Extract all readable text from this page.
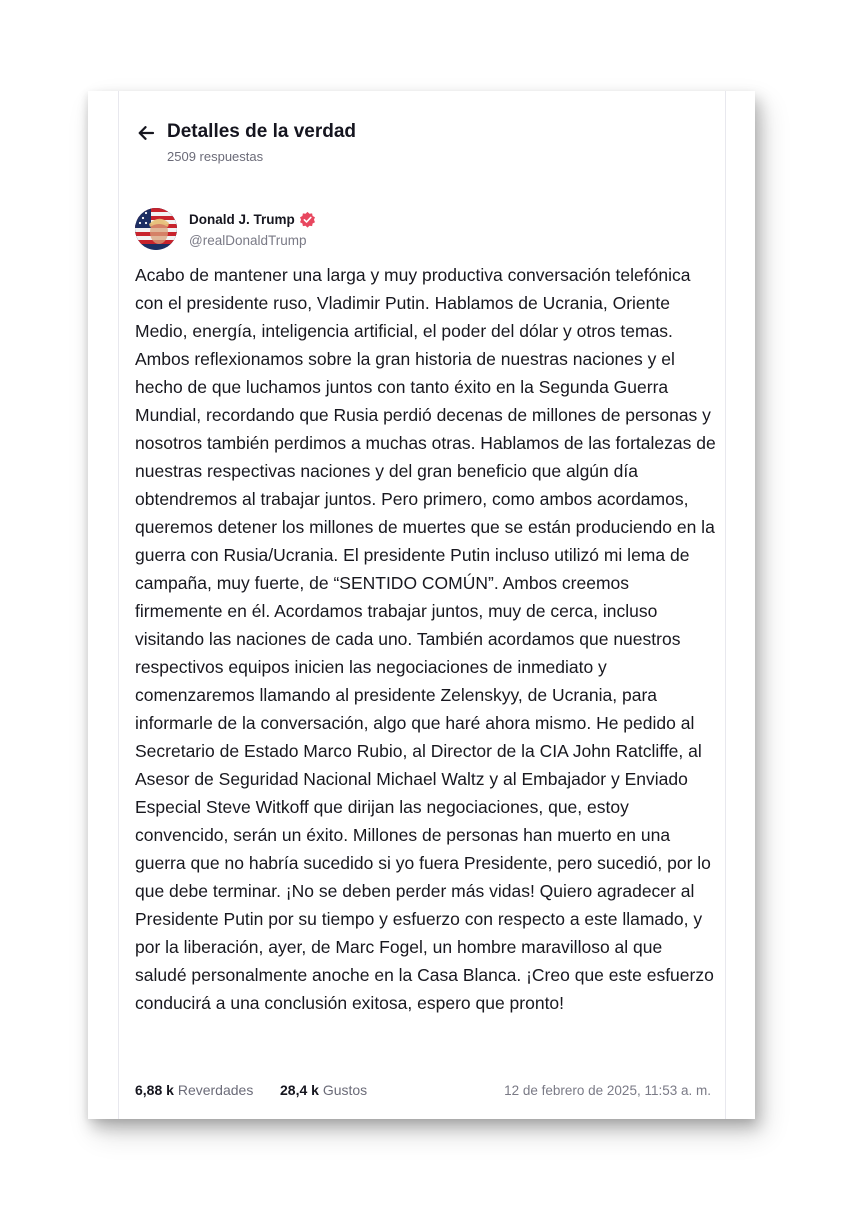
Detalles de la verdad
2509 respuestas
Donald J. Trump
@realDonaldTrump

Acabo de mantener una larga y muy productiva conversación telefónica con el presidente ruso, Vladimir Putin. Hablamos de Ucrania, Oriente Medio, energía, inteligencia artificial, el poder del dólar y otros temas. Ambos reflexionamos sobre la gran historia de nuestras naciones y el hecho de que luchamos juntos con tanto éxito en la Segunda Guerra Mundial, recordando que Rusia perdió decenas de millones de personas y nosotros también perdimos a muchas otras. Hablamos de las fortalezas de nuestras respectivas naciones y del gran beneficio que algún día obtendremos al trabajar juntos. Pero primero, como ambos acordamos, queremos detener los millones de muertes que se están produciendo en la guerra con Rusia/Ucrania. El presidente Putin incluso utilizó mi lema de campaña, muy fuerte, de “SENTIDO COMÚN”. Ambos creemos firmemente en él. Acordamos trabajar juntos, muy de cerca, incluso visitando las naciones de cada uno. También acordamos que nuestros respectivos equipos inicien las negociaciones de inmediato y comenzaremos llamando al presidente Zelenskyy, de Ucrania, para informarle de la conversación, algo que haré ahora mismo. He pedido al Secretario de Estado Marco Rubio, al Director de la CIA John Ratcliffe, al Asesor de Seguridad Nacional Michael Waltz y al Embajador y Enviado Especial Steve Witkoff que dirijan las negociaciones, que, estoy convencido, serán un éxito. Millones de personas han muerto en una guerra que no habría sucedido si yo fuera Presidente, pero sucedió, por lo que debe terminar. ¡No se deben perder más vidas! Quiero agradecer al Presidente Putin por su tiempo y esfuerzo con respecto a este llamado, y por la liberación, ayer, de Marc Fogel, un hombre maravilloso al que saludé personalmente anoche en la Casa Blanca. ¡Creo que este esfuerzo conducirá a una conclusión exitosa, espero que pronto!

6,88 k Reverdades 28,4 k Gustos	12 de febrero de 2025, 11:53 a. m.
